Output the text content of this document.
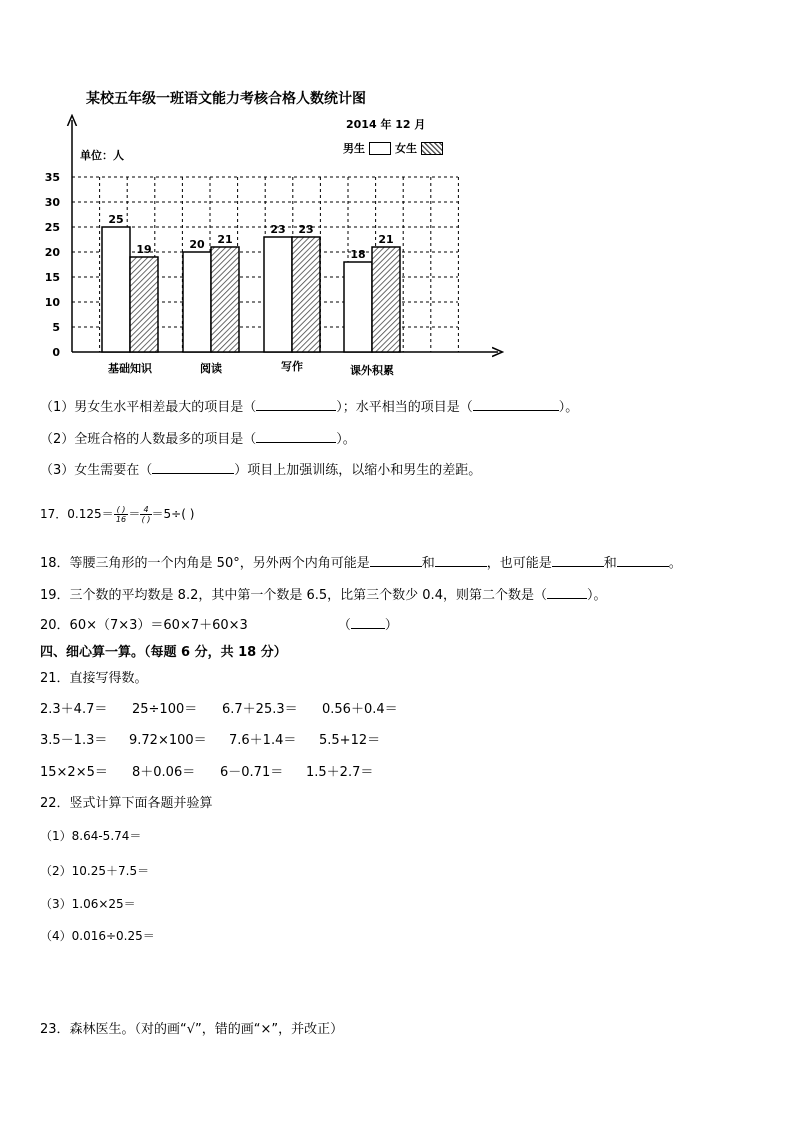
某校五年级一班语文能力考核合格人数统计图
2014 年 12 月
单位：人
男生	女生
0
5
10
15
20
25
30
35
25
19	20 21
23 23
18
21
基础知识	阅读	写作	课外积累
（1）男女生水平相差最大的项目是（	）；水平相当的项目是（	）。
（2）全班合格的人数最多的项目是（	）。
（3）女生需要在（	）项目上加强训练，以缩小和男生的差距。
17．$0.125= \frac{( )}{16} = \frac{4}{( )} =5\div$( )
18．等腰三角形的一个内角是 50°，另外两个内角可能是	和	，也可能是	和	。
19．三个数的平均数是 8.2，其中第一个数是 6.5，比第三个数少 0.4，则第二个数是（	）。
20．60×（7×3）＝60×7＋60×3	（	）
四、细心算一算。（每题 6 分，共 18 分）
21．直接写得数。
2.3＋4.7＝ 25÷100＝ 6.7＋25.3＝ 0.56＋0.4＝
3.5－1.3＝ 9.72×100＝ 7.6＋1.4＝ 5.5+12＝
15×2×5＝ 8＋0.06＝ 6－0.71＝ 1.5＋2.7＝
22．竖式计算下面各题并验算
（1）8.64-5.74＝
（2）10.25＋7.5＝
（3）1.06×25＝
（4）0.016÷0.25＝
23．森林医生。（对的画“√”，错的画“×”，并改正）
